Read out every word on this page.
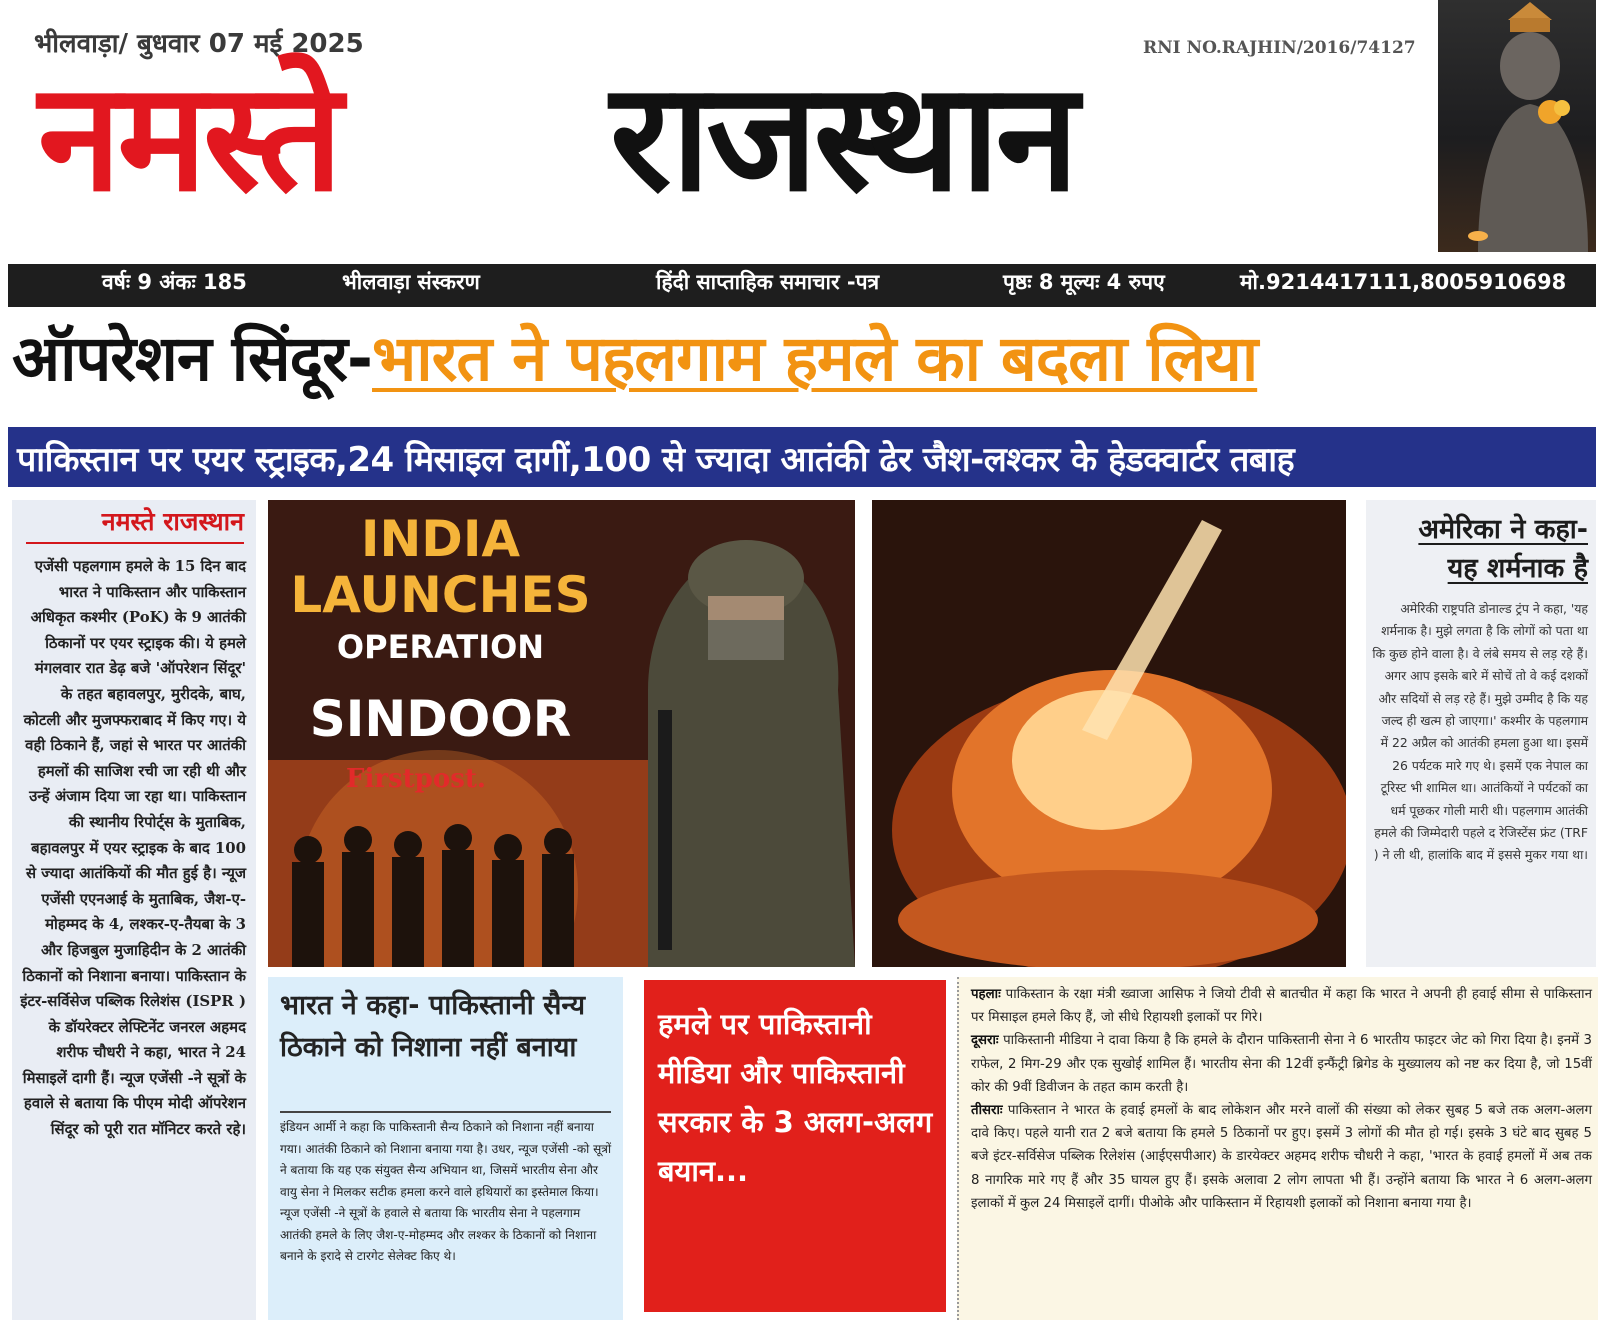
भीलवाड़ा/ बुधवार 07 मई 2025	RNI NO.RAJHIN/2016/74127
नमस्ते राजस्थान
वर्षः 9 अंकः 185	भीलवाड़ा संस्करण	हिंदी साप्ताहिक समाचार -पत्र	पृष्ठः 8 मूल्यः 4 रुपए	मो.9214417111,8005910698
ऑपरेशन सिंदूर-भारत ने पहलगाम हमले का बदला लिया
पाकिस्तान पर एयर स्ट्राइक,24 मिसाइल दागीं,100 से ज्यादा आतंकी ढेर जैश-लश्कर के हेडक्वार्टर तबाह
नमस्ते राजस्थान
एजेंसी पहलगाम हमले के 15 दिन बाद भारत ने पाकिस्तान और पाकिस्तान अधिकृत कश्मीर (PoK) के 9 आतंकी ठिकानों पर एयर स्ट्राइक की। ये हमले मंगलवार रात डेढ़ बजे 'ऑपरेशन सिंदूर' के तहत बहावलपुर, मुरीदके, बाघ, कोटली और मुजफ्फराबाद में किए गए। ये वही ठिकाने हैं, जहां से भारत पर आतंकी हमलों की साजिश रची जा रही थी और उन्हें अंजाम दिया जा रहा था। पाकिस्तान की स्थानीय रिपोर्ट्स के मुताबिक, बहावलपुर में एयर स्ट्राइक के बाद 100 से ज्यादा आतंकियों की मौत हुई है। न्यूज एजेंसी एएनआई के मुताबिक, जैश-ए-मोहम्मद के 4, लश्कर-ए-तैयबा के 3 और हिजबुल मुजाहिदीन के 2 आतंकी ठिकानों को निशाना बनाया। पाकिस्तान के इंटर-सर्विसेज पब्लिक रिलेशंस (ISPR ) के डॉयरेक्टर लेफ्टिनेंट जनरल अहमद शरीफ चौधरी ने कहा, भारत ने 24 मिसाइलें दागी हैं। न्यूज एजेंसी -ने सूत्रों के हवाले से बताया कि पीएम मोदी ऑपरेशन सिंदूर को पूरी रात मॉनिटर करते रहे।
INDIA
LAUNCHES
OPERATION
SINDOOR
Firstpost.
अमेरिका ने कहा-
यह शर्मनाक है
अमेरिकी राष्ट्रपति डोनाल्ड ट्रंप ने कहा, 'यह शर्मनाक है। मुझे लगता है कि लोगों को पता था कि कुछ होने वाला है। वे लंबे समय से लड़ रहे हैं। अगर आप इसके बारे में सोचें तो वे कई दशकों और सदियों से लड़ रहे हैं। मुझे उम्मीद है कि यह जल्द ही खत्म हो जाएगा।' कश्मीर के पहलगाम में 22 अप्रैल को आतंकी हमला हुआ था। इसमें 26 पर्यटक मारे गए थे। इसमें एक नेपाल का टूरिस्ट भी शामिल था। आतंकियों ने पर्यटकों का धर्म पूछकर गोली मारी थी। पहलगाम आतंकी हमले की जिम्मेदारी पहले द रेजिस्टेंस फ्रंट (TRF ) ने ली थी, हालांकि बाद में इससे मुकर गया था।
भारत ने कहा- पाकिस्तानी सैन्य ठिकाने को निशाना नहीं बनाया
इंडियन आर्मी ने कहा कि पाकिस्तानी सैन्य ठिकाने को निशाना नहीं बनाया गया। आतंकी ठिकाने को निशाना बनाया गया है। उधर, न्यूज एजेंसी -को सूत्रों ने बताया कि यह एक संयुक्त सैन्य अभियान था, जिसमें भारतीय सेना और वायु सेना ने मिलकर सटीक हमला करने वाले हथियारों का इस्तेमाल किया। न्यूज एजेंसी -ने सूत्रों के हवाले से बताया कि भारतीय सेना ने पहलगाम आतंकी हमले के लिए जैश-ए-मोहम्मद और लश्कर के ठिकानों को निशाना बनाने के इरादे से टारगेट सेलेक्ट किए थे।
हमले पर पाकिस्तानी मीडिया और पाकिस्तानी सरकार के 3 अलग-अलग बयान...
पहलाः पाकिस्तान के रक्षा मंत्री ख्वाजा आसिफ ने जियो टीवी से बातचीत में कहा कि भारत ने अपनी ही हवाई सीमा से पाकिस्तान पर मिसाइल हमले किए हैं, जो सीधे रिहायशी इलाकों पर गिरे।
दूसराः पाकिस्तानी मीडिया ने दावा किया है कि हमले के दौरान पाकिस्तानी सेना ने 6 भारतीय फाइटर जेट को गिरा दिया है। इनमें 3 राफेल, 2 मिग-29 और एक सुखोई शामिल हैं। भारतीय सेना की 12वीं इन्फैंट्री ब्रिगेड के मुख्यालय को नष्ट कर दिया है, जो 15वीं कोर की 9वीं डिवीजन के तहत काम करती है।
तीसराः पाकिस्तान ने भारत के हवाई हमलों के बाद लोकेशन और मरने वालों की संख्या को लेकर सुबह 5 बजे तक अलग-अलग दावे किए। पहले यानी रात 2 बजे बताया कि हमले 5 ठिकानों पर हुए। इसमें 3 लोगों की मौत हो गई। इसके 3 घंटे बाद सुबह 5 बजे इंटर-सर्विसेज पब्लिक रिलेशंस (आईएसपीआर) के डारयेक्टर अहमद शरीफ चौधरी ने कहा, 'भारत के हवाई हमलों में अब तक 8 नागरिक मारे गए हैं और 35 घायल हुए हैं। इसके अलावा 2 लोग लापता भी हैं। उन्होंने बताया कि भारत ने 6 अलग-अलग इलाकों में कुल 24 मिसाइलें दागीं। पीओके और पाकिस्तान में रिहायशी इलाकों को निशाना बनाया गया है।
